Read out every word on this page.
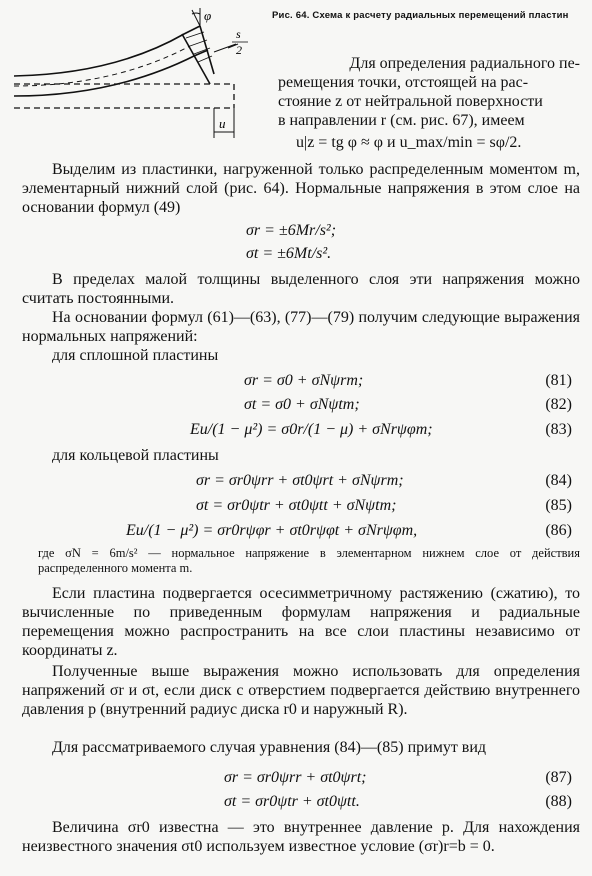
φ
s
2
u
Рис. 64. Схема к расчету радиальных перемещений пластин
Для определения радиального пе-
ремещения точки, отстоящей на рас-
стояние z от нейтральной поверхности
в направлении r (см. рис. 67), имеем
u|z = tg φ ≈ φ и u_max/min = sφ/2.
Выделим из пластинки, нагруженной только распределенным моментом m, элементарный нижний слой (рис. 64). Нормальные напряжения в этом слое на основании формул (49)
σr = ±6Mr/s²;
σt = ±6Mt/s².
В пределах малой толщины выделенного слоя эти напряжения можно считать постоянными.
На основании формул (61)—(63), (77)—(79) получим следующие выражения нормальных напряжений:
для сплошной пластины
σr = σ0 + σNψrm;	(81)
σt = σ0 + σNψtm;	(82)
Eu/(1 − μ²) = σ0r/(1 − μ) + σNrψφm;	(83)
для кольцевой пластины
σr = σr0ψrr + σt0ψrt + σNψrm;	(84)
σt = σr0ψtr + σt0ψtt + σNψtm;	(85)
Eu/(1 − μ²) = σr0rψφr + σt0rψφt + σNrψφm,	(86)
где σN = 6m/s² — нормальное напряжение в элементарном нижнем слое от действия распределенного момента m.
Если пластина подвергается осесимметричному растяжению (сжатию), то вычисленные по приведенным формулам напряжения и радиальные перемещения можно распространить на все слои пластины независимо от координаты z.
Полученные выше выражения можно использовать для определения напряжений σr и σt, если диск с отверстием подвергается действию внутреннего давления p (внутренний радиус диска r0 и наружный R).
Для рассматриваемого случая уравнения (84)—(85) примут вид
σr = σr0ψrr + σt0ψrt;	(87)
σt = σr0ψtr + σt0ψtt.	(88)
Величина σr0 известна — это внутреннее давление p. Для нахождения неизвестного значения σt0 используем известное условие (σr)r=b = 0.
